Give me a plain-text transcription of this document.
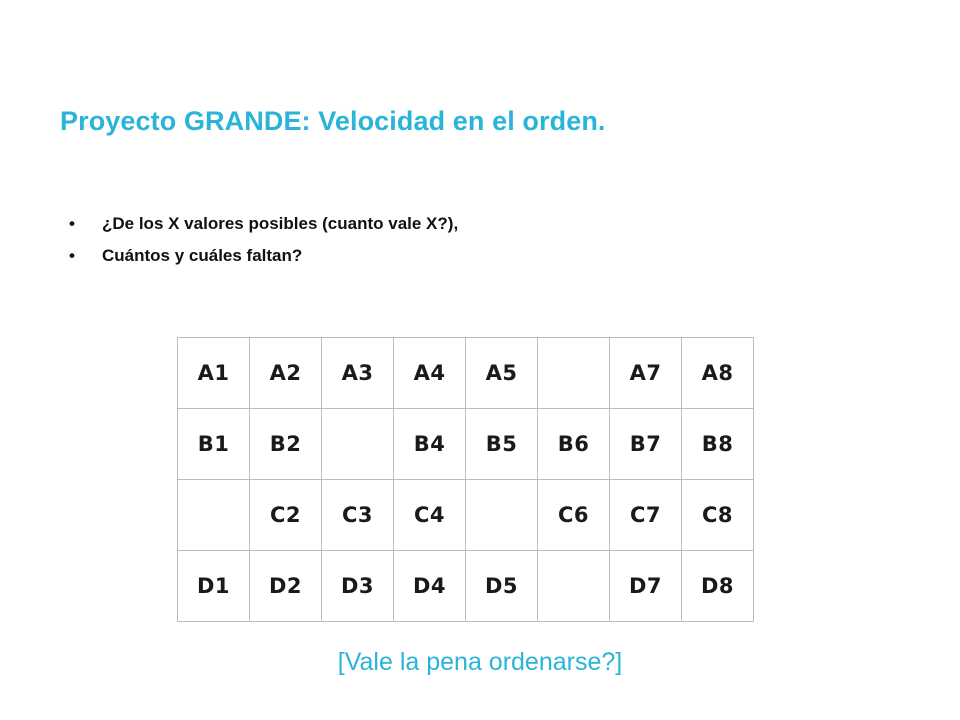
Proyecto GRANDE: Velocidad en el orden.
• ¿De los X valores posibles (cuanto vale X?),
• Cuántos y cuáles faltan?
A1	A2	A3	A4	A5		A7	A8
B1	B2		B4	B5	B6	B7	B8
	C2	C3	C4		C6	C7	C8
D1	D2	D3	D4	D5		D7	D8
[Vale la pena ordenarse?]
